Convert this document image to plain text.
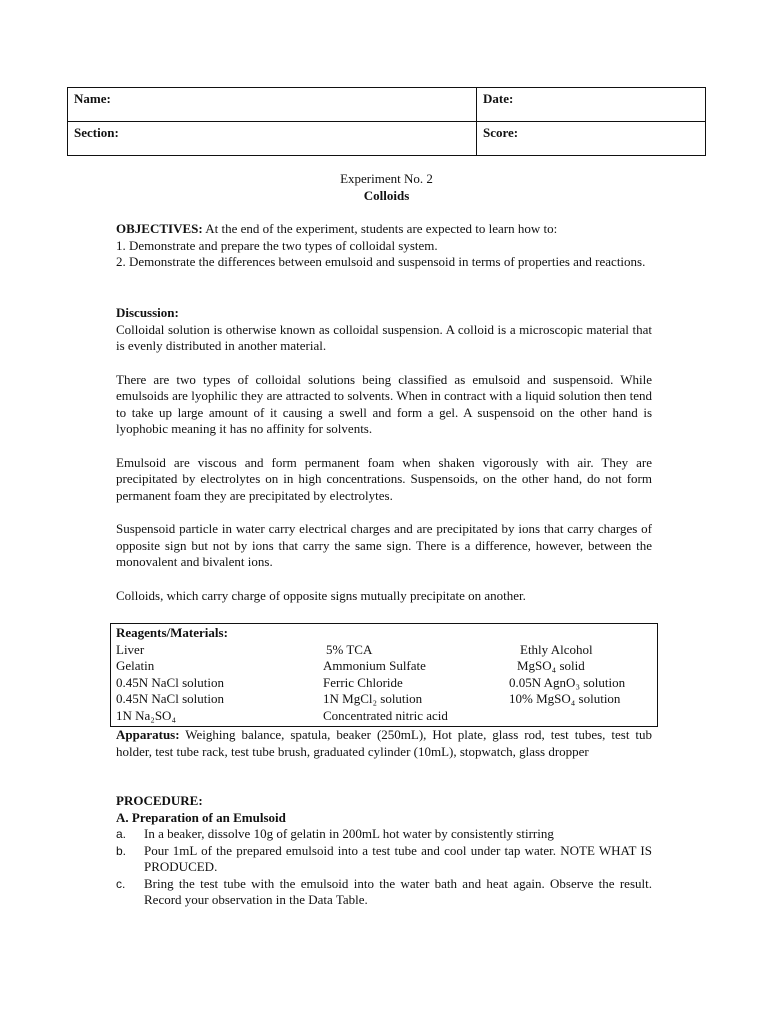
Name:	Date:
Section:	Score:
Experiment No. 2
Colloids

OBJECTIVES: At the end of the experiment, students are expected to learn how to:

1. Demonstrate and prepare the two types of colloidal system.

2. Demonstrate the differences between emulsoid and suspensoid in terms of properties and reactions.

Discussion:

Colloidal solution is otherwise known as colloidal suspension. A colloid is a microscopic material that is evenly distributed in another material.

There are two types of colloidal solutions being classified as emulsoid and suspensoid. While emulsoids are lyophilic they are attracted to solvents. When in contract with a liquid solution then tend to take up large amount of it causing a swell and form a gel. A suspensoid on the other hand is lyophobic meaning it has no affinity for solvents.

Emulsoid are viscous and form permanent foam when shaken vigorously with air. They are precipitated by electrolytes on in high concentrations. Suspensoids, on the other hand, do not form permanent foam they are precipitated by electrolytes.

Suspensoid particle in water carry electrical charges and are precipitated by ions that carry charges of opposite sign but not by ions that carry the same sign. There is a difference, however, between the monovalent and bivalent ions.

Colloids, which carry charge of opposite signs mutually precipitate on another.

Reagents/Materials:
Liver	5% TCA	Ethly Alcohol
Gelatin	Ammonium Sulfate	MgSO₄ solid
0.45N NaCl solution	Ferric Chloride	0.05N AgnO₃ solution
0.45N NaCl solution	1N MgCl₂ solution	10% MgSO₄ solution
1N Na₂SO₄	Concentrated nitric acid

Apparatus: Weighing balance, spatula, beaker (250mL), Hot plate, glass rod, test tubes, test tub holder, test tube rack, test tube brush, graduated cylinder (10mL), stopwatch, glass dropper

PROCEDURE:
A. Preparation of an Emulsoid
a. In a beaker, dissolve 10g of gelatin in 200mL hot water by consistently stirring

b. Pour 1mL of the prepared emulsoid into a test tube and cool under tap water. NOTE WHAT IS PRODUCED.

c. Bring the test tube with the emulsoid into the water bath and heat again. Observe the result. Record your observation in the Data Table.
